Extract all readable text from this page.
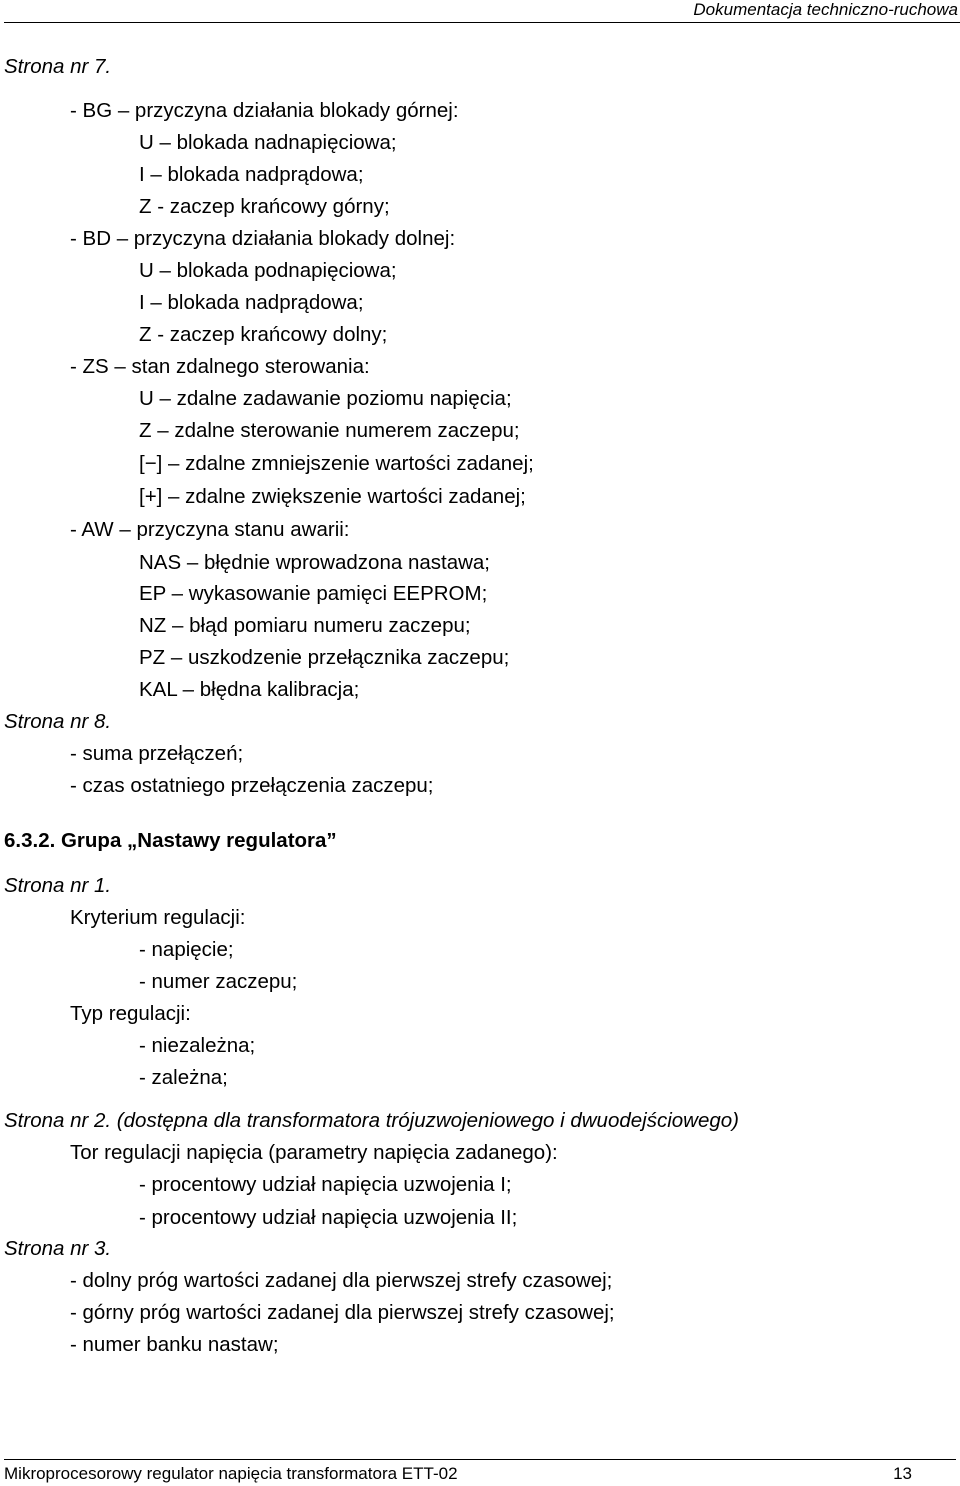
Dokumentacja techniczno-ruchowa
Strona nr 7.
- BG – przyczyna działania blokady górnej:
U – blokada nadnapięciowa;
I – blokada nadprądowa;
Z - zaczep krańcowy górny;
- BD – przyczyna działania blokady dolnej:
U – blokada podnapięciowa;
I – blokada nadprądowa;
Z - zaczep krańcowy dolny;
- ZS – stan zdalnego sterowania:
U – zdalne zadawanie poziomu napięcia;
Z – zdalne sterowanie numerem zaczepu;
[−] – zdalne zmniejszenie wartości zadanej;
[+] – zdalne zwiększenie wartości zadanej;
- AW – przyczyna stanu awarii:
NAS – błędnie wprowadzona nastawa;
EP – wykasowanie pamięci EEPROM;
NZ – błąd pomiaru numeru zaczepu;
PZ – uszkodzenie przełącznika zaczepu;
KAL – błędna kalibracja;
Strona nr 8.
- suma przełączeń;
- czas ostatniego przełączenia zaczepu;
6.3.2. Grupa „Nastawy regulatora”
Strona nr 1.
Kryterium regulacji:
- napięcie;
- numer zaczepu;
Typ regulacji:
- niezależna;
- zależna;
Strona nr 2. (dostępna dla transformatora trójuzwojeniowego i dwuodejściowego)
Tor regulacji napięcia (parametry napięcia zadanego):
- procentowy udział napięcia uzwojenia I;
- procentowy udział napięcia uzwojenia II;
Strona nr 3.
- dolny próg wartości zadanej dla pierwszej strefy czasowej;
- górny próg wartości zadanej dla pierwszej strefy czasowej;
- numer banku nastaw;
Mikroprocesorowy regulator napięcia transformatora ETT-02	13
